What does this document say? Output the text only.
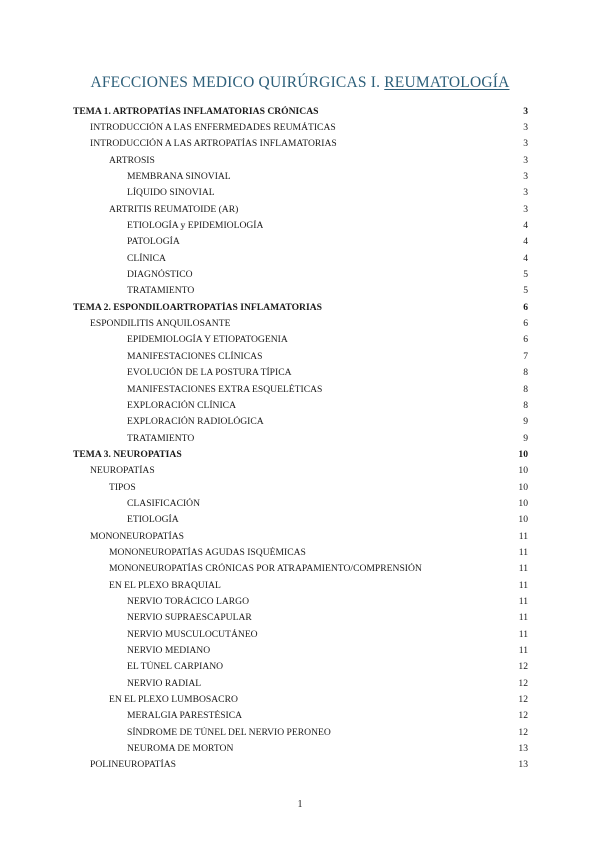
AFECCIONES MEDICO QUIRÚRGICAS I. REUMATOLOGÍA
TEMA 1. ARTROPATÍAS INFLAMATORIAS CRÓNICAS	3
INTRODUCCIÓN A LAS ENFERMEDADES REUMÁTICAS	3
INTRODUCCIÓN A LAS ARTROPATÍAS INFLAMATORIAS	3
ARTROSIS	3
MEMBRANA SINOVIAL	3
LÍQUIDO SINOVIAL	3
ARTRITIS REUMATOIDE (AR)	3
ETIOLOGÍA y EPIDEMIOLOGÍA	4
PATOLOGÍA	4
CLÍNICA	4
DIAGNÓSTICO	5
TRATAMIENTO	5
TEMA 2. ESPONDILOARTROPATÍAS INFLAMATORIAS	6
ESPONDILITIS ANQUILOSANTE	6
EPIDEMIOLOGÍA Y ETIOPATOGENIA	6
MANIFESTACIONES CLÍNICAS	7
EVOLUCIÓN DE LA POSTURA TÍPICA	8
MANIFESTACIONES EXTRA ESQUELÉTICAS	8
EXPLORACIÓN CLÍNICA	8
EXPLORACIÓN RADIOLÓGICA	9
TRATAMIENTO	9
TEMA 3. NEUROPATIAS	10
NEUROPATÍAS	10
TIPOS	10
CLASIFICACIÓN	10
ETIOLOGÍA	10
MONONEUROPATÍAS	11
MONONEUROPATÍAS AGUDAS ISQUÉMICAS	11
MONONEUROPATÍAS CRÓNICAS POR ATRAPAMIENTO/COMPRENSIÓN	11
EN EL PLEXO BRAQUIAL	11
NERVIO TORÁCICO LARGO	11
NERVIO SUPRAESCAPULAR	11
NERVIO MUSCULOCUTÁNEO	11
NERVIO MEDIANO	11
EL TÚNEL CARPIANO	12
NERVIO RADIAL	12
EN EL PLEXO LUMBOSACRO	12
MERALGIA PARESTÉSICA	12
SÍNDROME DE TÚNEL DEL NERVIO PERONEO	12
NEUROMA DE MORTON	13
POLINEUROPATÍAS	13
1
